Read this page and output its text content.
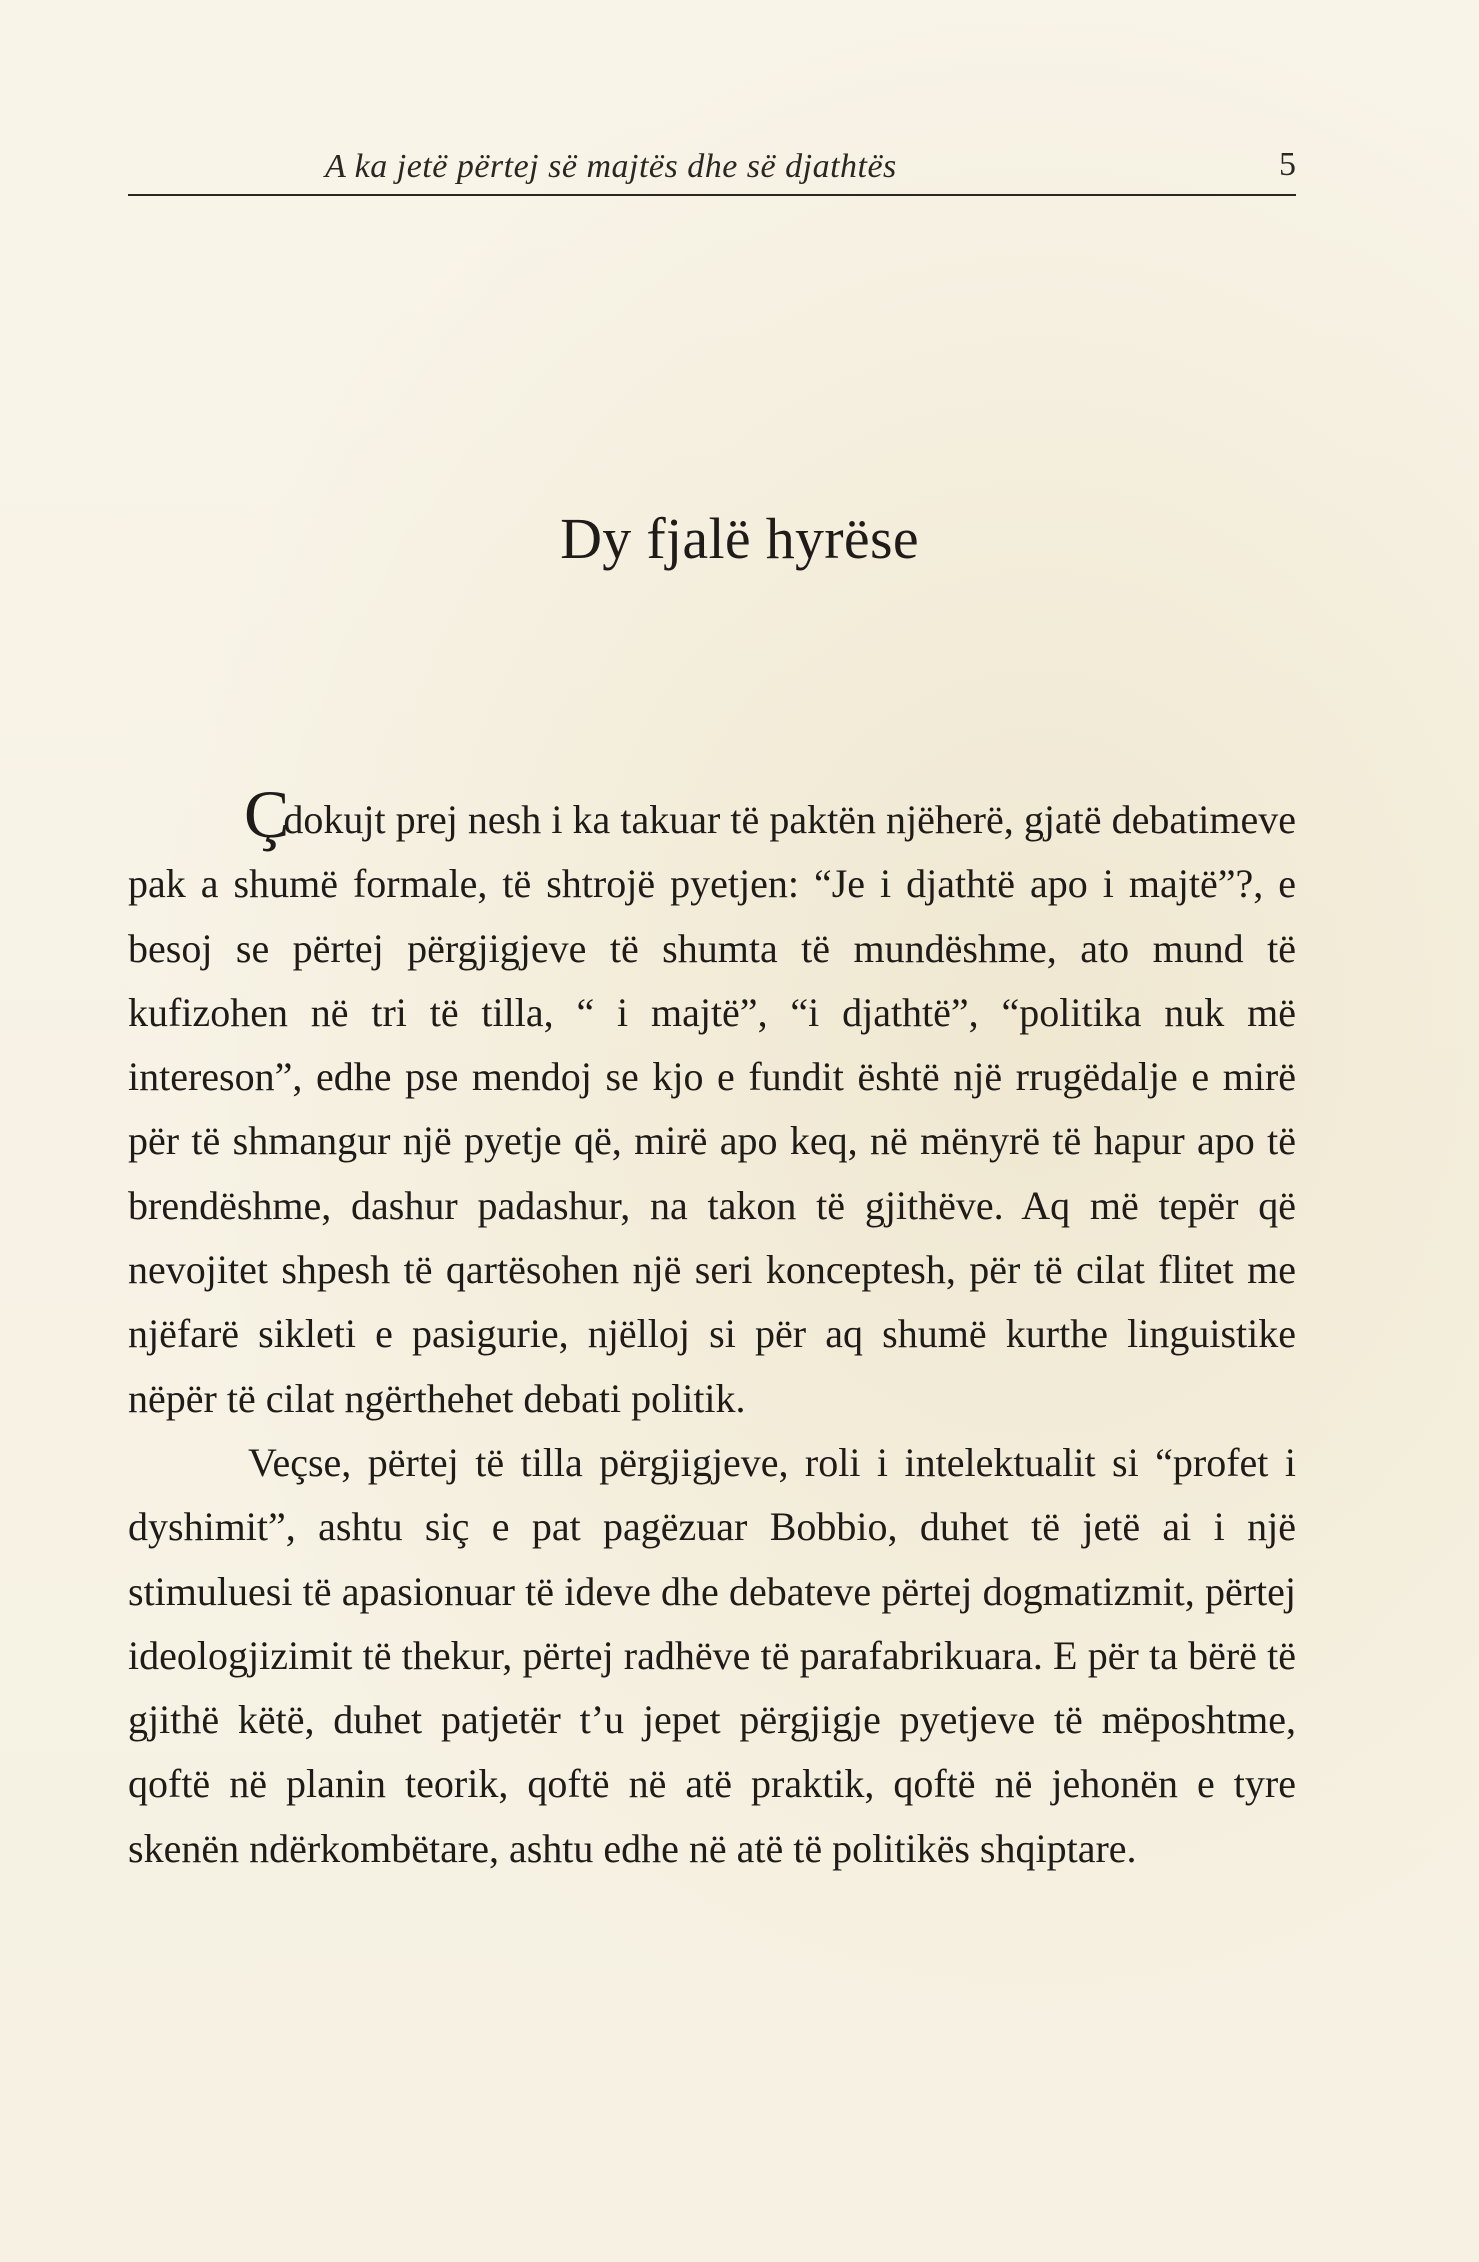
A ka jetë përtej së majtës dhe së djathtës	5
Dy fjalë hyrëse

Çdokujt prej nesh i ka takuar të paktën njëherë, gjatë debatimeve pak a shumë formale, të shtrojë pyetjen: “Je i djathtë apo i majtë”?, e besoj se përtej përgjigjeve të shumta të mundëshme, ato mund të kufizohen në tri të tilla, “ i majtë”, “i djathtë”, “politika nuk më intereson”, edhe pse mendoj se kjo e fundit është një rrugëdalje e mirë për të shmangur një pyetje që, mirë apo keq, në mënyrë të hapur apo të brendëshme, dashur padashur, na takon të gjithëve. Aq më tepër që nevojitet shpesh të qartësohen një seri konceptesh, për të cilat flitet me njëfarë sikleti e pasigurie, njëlloj si për aq shumë kurthe linguistike nëpër të cilat ngërthehet debati politik.

Veçse, përtej të tilla përgjigjeve, roli i intelektualit si “profet i dyshimit”, ashtu siç e pat pagëzuar Bobbio, duhet të jetë ai i një stimuluesi të apasionuar të ideve dhe debateve përtej dogmatizmit, përtej ideologjizimit të thekur, përtej radhëve të parafabrikuara. E për ta bërë të gjithë këtë, duhet patjetër t’u jepet përgjigje pyetjeve të mëposhtme, qoftë në planin teorik, qoftë në atë praktik, qoftë në jehonën e tyre skenën ndërkombëtare, ashtu edhe në atë të politikës shqiptare.
